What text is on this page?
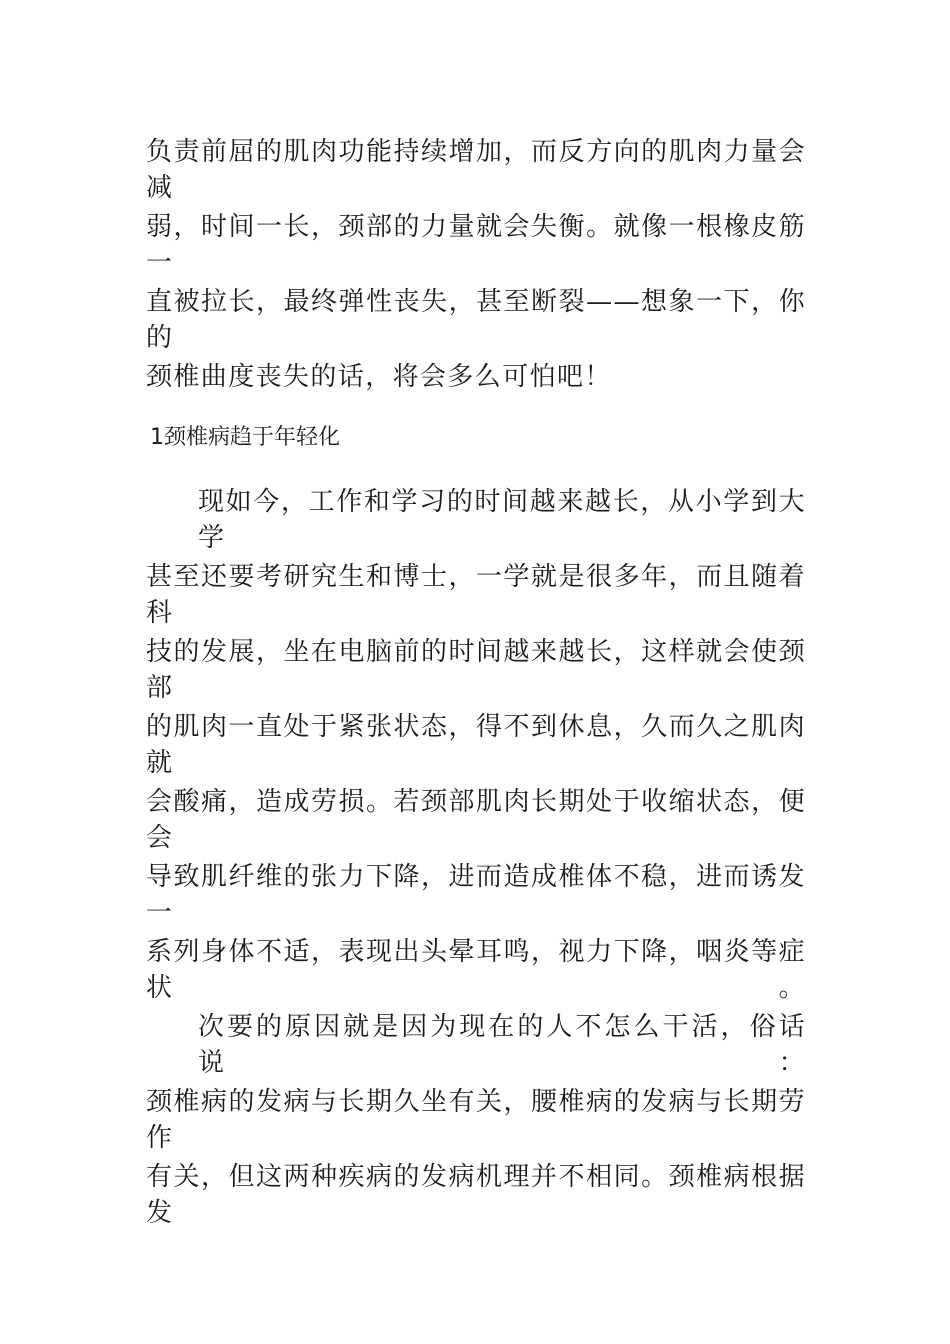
负责前屈的肌肉功能持续增加，而反方向的肌肉力量会减
弱，时间一长，颈部的力量就会失衡。就像一根橡皮筋一
直被拉长，最终弹性丧失，甚至断裂——想象一下，你的
颈椎曲度丧失的话，将会多么可怕吧！
1颈椎病趋于年轻化
现如今，工作和学习的时间越来越长，从小学到大学
甚至还要考研究生和博士，一学就是很多年，而且随着科
技的发展，坐在电脑前的时间越来越长，这样就会使颈部
的肌肉一直处于紧张状态，得不到休息，久而久之肌肉就
会酸痛，造成劳损。若颈部肌肉长期处于收缩状态，便会
导致肌纤维的张力下降，进而造成椎体不稳，进而诱发一
系列身体不适，表现出头晕耳鸣，视力下降，咽炎等症状。
次要的原因就是因为现在的人不怎么干活，俗话说：
颈椎病的发病与长期久坐有关，腰椎病的发病与长期劳作
有关，但这两种疾病的发病机理并不相同。颈椎病根据发
